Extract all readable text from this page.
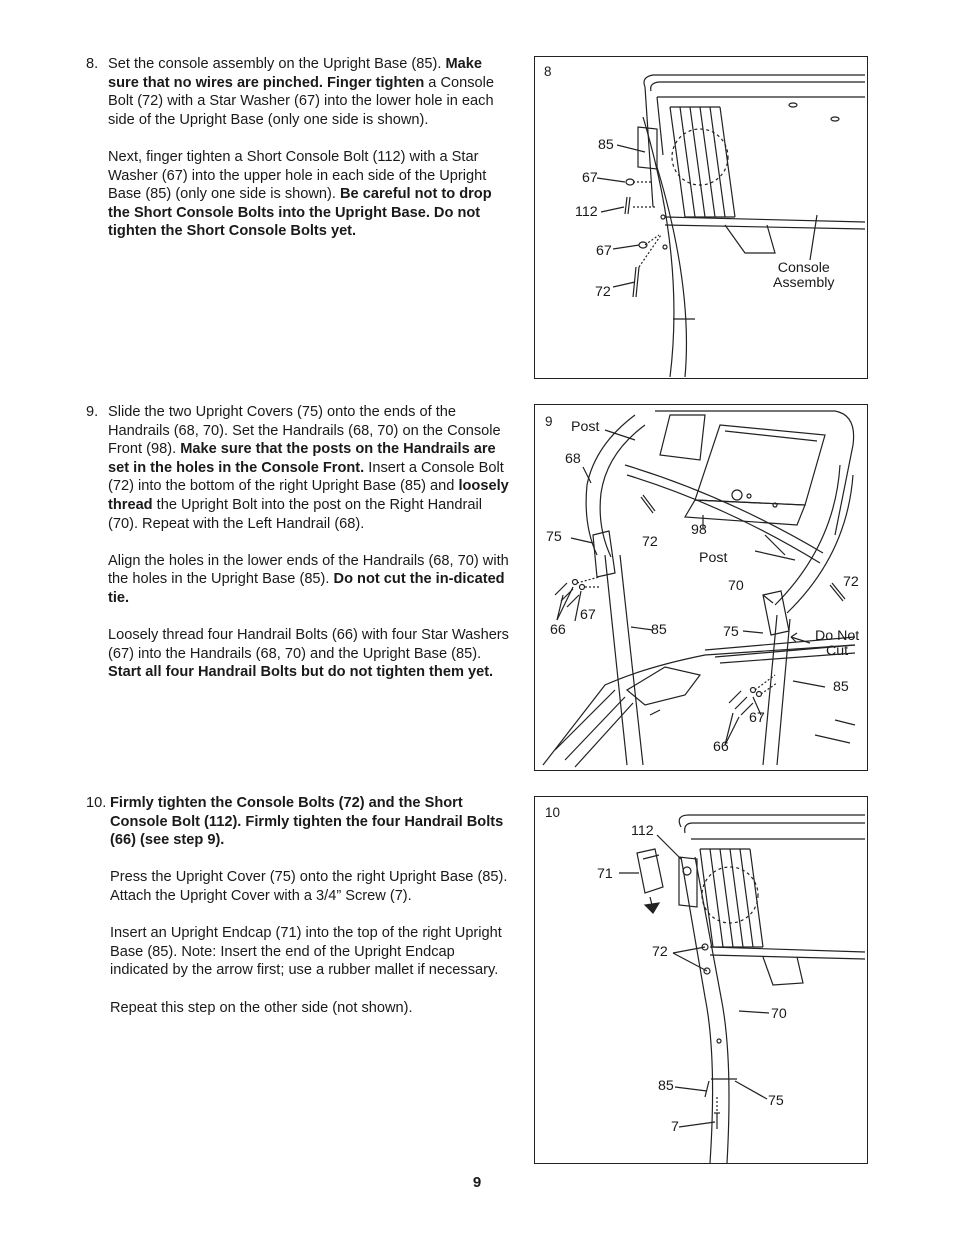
8. Set the console assembly on the Upright Base (85). Make sure that no wires are pinched. Finger tighten a Console Bolt (72) with a Star Washer (67) into the lower hole in each side of the Upright Base (only one side is shown).

Next, finger tighten a Short Console Bolt (112) with a Star Washer (67) into the upper hole in each side of the Upright Base (85) (only one side is shown). Be careful not to drop the Short Console Bolts into the Upright Base. Do not tighten the Short Console Bolts yet.

9. Slide the two Upright Covers (75) onto the ends of the Handrails (68, 70). Set the Handrails (68, 70) on the Console Front (98). Make sure that the posts on the Handrails are set in the holes in the Console Front. Insert a Console Bolt (72) into the bottom of the right Upright Base (85) and loosely thread the Upright Bolt into the post on the Right Handrail (70). Repeat with the Left Handrail (68).

Align the holes in the lower ends of the Handrails (68, 70) with the holes in the Upright Base (85). Do not cut the in-dicated tie.

Loosely thread four Handrail Bolts (66) with four Star Washers (67) into the Handrails (68, 70) and the Upright Base (85). Start all four Handrail Bolts but do not tighten them yet.

10. Firmly tighten the Console Bolts (72) and the Short Console Bolt (112). Firmly tighten the four Handrail Bolts (66) (see step 9).

Press the Upright Cover (75) onto the right Upright Base (85). Attach the Upright Cover with a 3/4” Screw (7).

Insert an Upright Endcap (71) into the top of the right Upright Base (85). Note: Insert the end of the Upright Endcap indicated by the arrow first; use a rubber mallet if necessary.

Repeat this step on the other side (not shown).

8
85
67
112
67
72
Console
Assembly
9 Post
68
75	72
98
Post
70	72
66
67
85	75	Do Not
Cut
85
67
66
10
112
71
72
70
85
75
7
9
